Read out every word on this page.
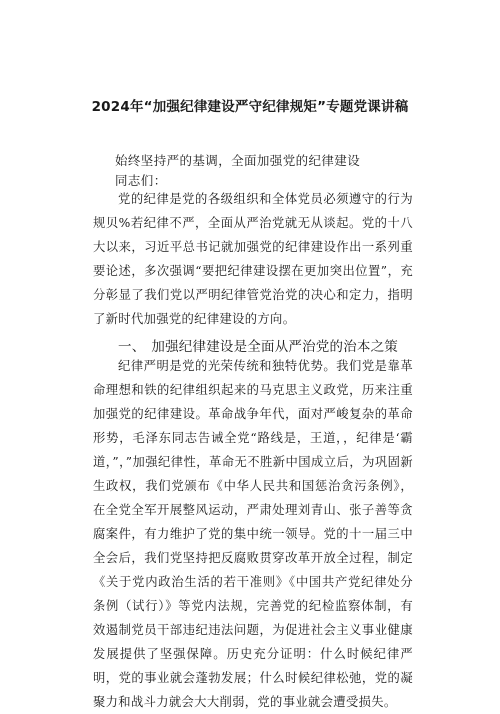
2024年“加强纪律建设严守纪律规矩”专题党课讲稿
始终坚持严的基调，全面加强党的纪律建设
同志们：

党的纪律是党的各级组织和全体党员必须遵守的行为规贝%若纪律不严，全面从严治党就无从谈起。党的十八大以来，习近平总书记就加强党的纪律建设作出一系列重要论述，多次强调“要把纪律建设摆在更加突出位置”，充分彰显了我们党以严明纪律管党治党的决心和定力，指明了新时代加强党的纪律建设的方向。

一、 加强纪律建设是全面从严治党的治本之策

纪律严明是党的光荣传统和独特优势。我们党是靠革命理想和铁的纪律组织起来的马克思主义政党，历来注重加强党的纪律建设。革命战争年代，面对严峻复杂的革命形势，毛泽东同志告诫全党“路线是，王道，，纪律是‘霸道，”，”加强纪律性，革命无不胜新中国成立后，为巩固新生政权，我们党颁布《中华人民共和国惩治贪污条例》，在全党全军开展整风运动，严肃处理刘青山、张子善等贪腐案件，有力维护了党的集中统一领导。党的十一届三中全会后，我们党坚持把反腐败贯穿改革开放全过程，制定《关于党内政治生活的若干准则》《中国共产党纪律处分条例（试行）》等党内法规，完善党的纪检监察体制，有效遏制党员干部违纪违法问题，为促进社会主义事业健康发展提供了坚强保障。历史充分证明：什么时候纪律严明，党的事业就会蓬勃发展；什么时候纪律松弛，党的凝聚力和战斗力就会大大削弱，党的事业就会遭受损失。
